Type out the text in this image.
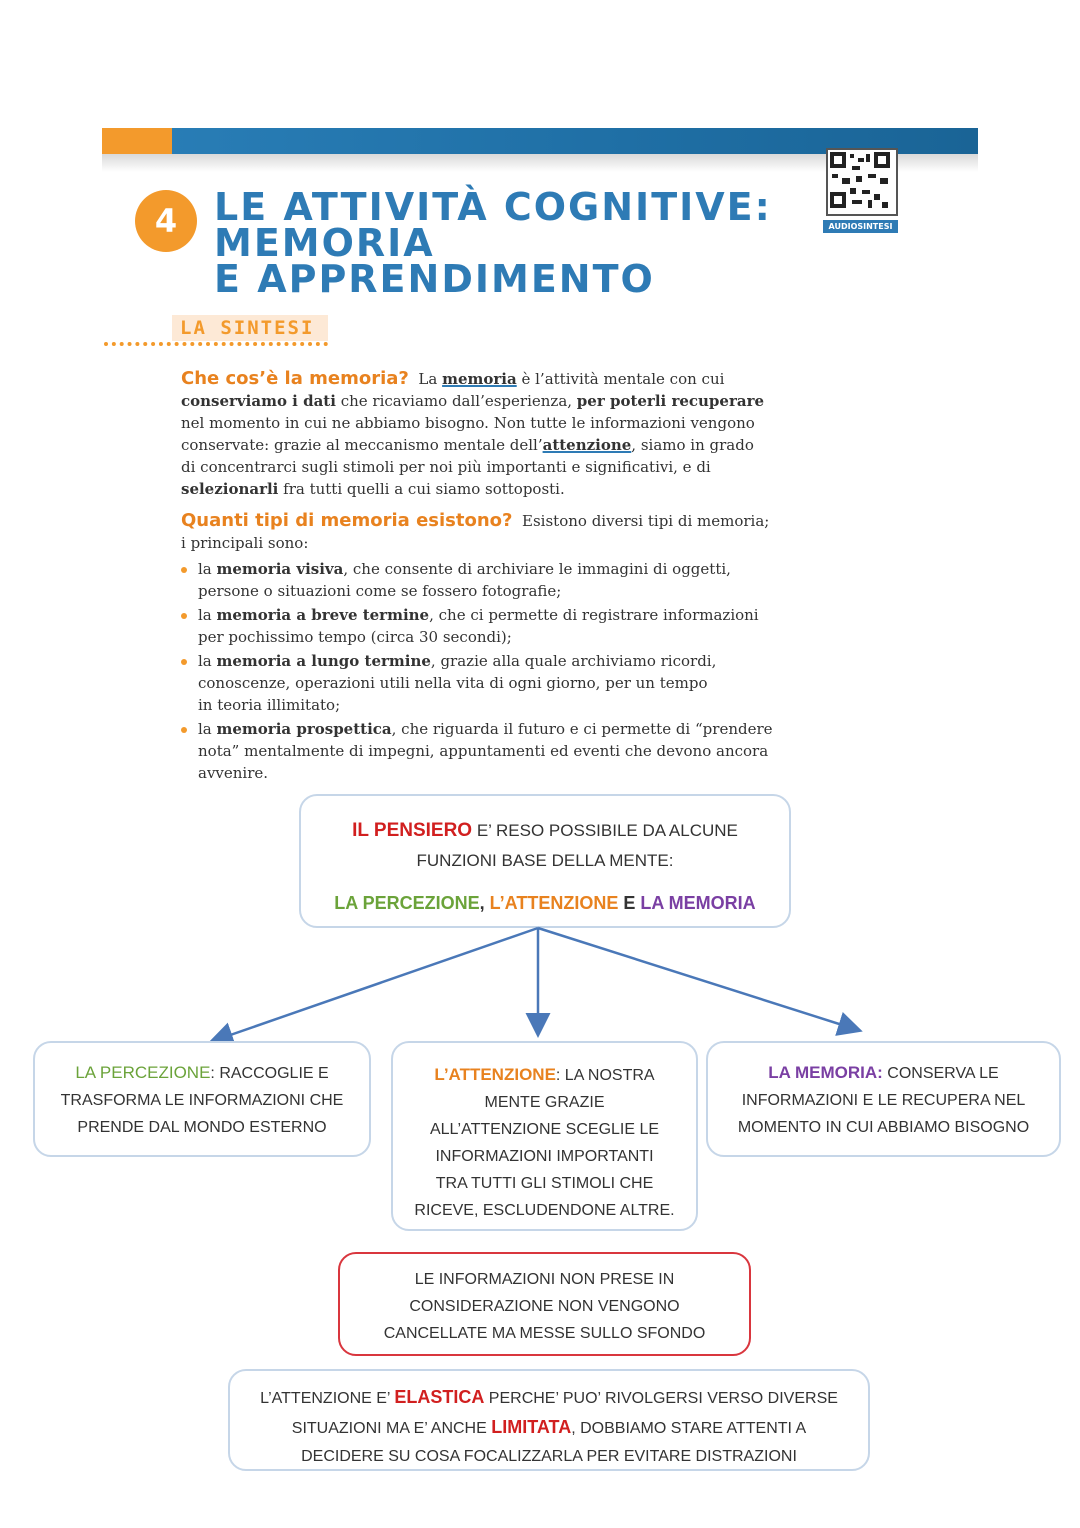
4 LE ATTIVITÀ COGNITIVE:
MEMORIA
E APPRENDIMENTO
AUDIOSINTESI
LA SINTESI
Che cos’è la memoria? La memoria è l’attività mentale con cui
conserviamo i dati che ricaviamo dall’esperienza, per poterli recuperare
nel momento in cui ne abbiamo bisogno. Non tutte le informazioni vengono
conservate: grazie al meccanismo mentale dell’attenzione, siamo in grado
di concentrarci sugli stimoli per noi più importanti e significativi, e di
selezionarli fra tutti quelli a cui siamo sottoposti.
Quanti tipi di memoria esistono? Esistono diversi tipi di memoria;
i principali sono:
la memoria visiva, che consente di archiviare le immagini di oggetti,
persone o situazioni come se fossero fotografie;
la memoria a breve termine, che ci permette di registrare informazioni
per pochissimo tempo (circa 30 secondi);
la memoria a lungo termine, grazie alla quale archiviamo ricordi,
conoscenze, operazioni utili nella vita di ogni giorno, per un tempo
in teoria illimitato;
la memoria prospettica, che riguarda il futuro e ci permette di “prendere
nota” mentalmente di impegni, appuntamenti ed eventi che devono ancora
avvenire.
IL PENSIERO E’ RESO POSSIBILE DA ALCUNE
FUNZIONI BASE DELLA MENTE:
LA PERCEZIONE, L’ATTENZIONE E LA MEMORIA
LA PERCEZIONE: RACCOGLIE E
TRASFORMA LE INFORMAZIONI CHE
PRENDE DAL MONDO ESTERNO
L’ATTENZIONE: LA NOSTRA
MENTE GRAZIE
ALL’ATTENZIONE SCEGLIE LE
INFORMAZIONI IMPORTANTI
TRA TUTTI GLI STIMOLI CHE
RICEVE, ESCLUDENDONE ALTRE.
LA MEMORIA: CONSERVA LE
INFORMAZIONI E LE RECUPERA NEL
MOMENTO IN CUI ABBIAMO BISOGNO
LE INFORMAZIONI NON PRESE IN
CONSIDERAZIONE NON VENGONO
CANCELLATE MA MESSE SULLO SFONDO
L’ATTENZIONE E’ ELASTICA PERCHE’ PUO’ RIVOLGERSI VERSO DIVERSE
SITUAZIONI MA E’ ANCHE LIMITATA, DOBBIAMO STARE ATTENTI A
DECIDERE SU COSA FOCALIZZARLA PER EVITARE DISTRAZIONI
